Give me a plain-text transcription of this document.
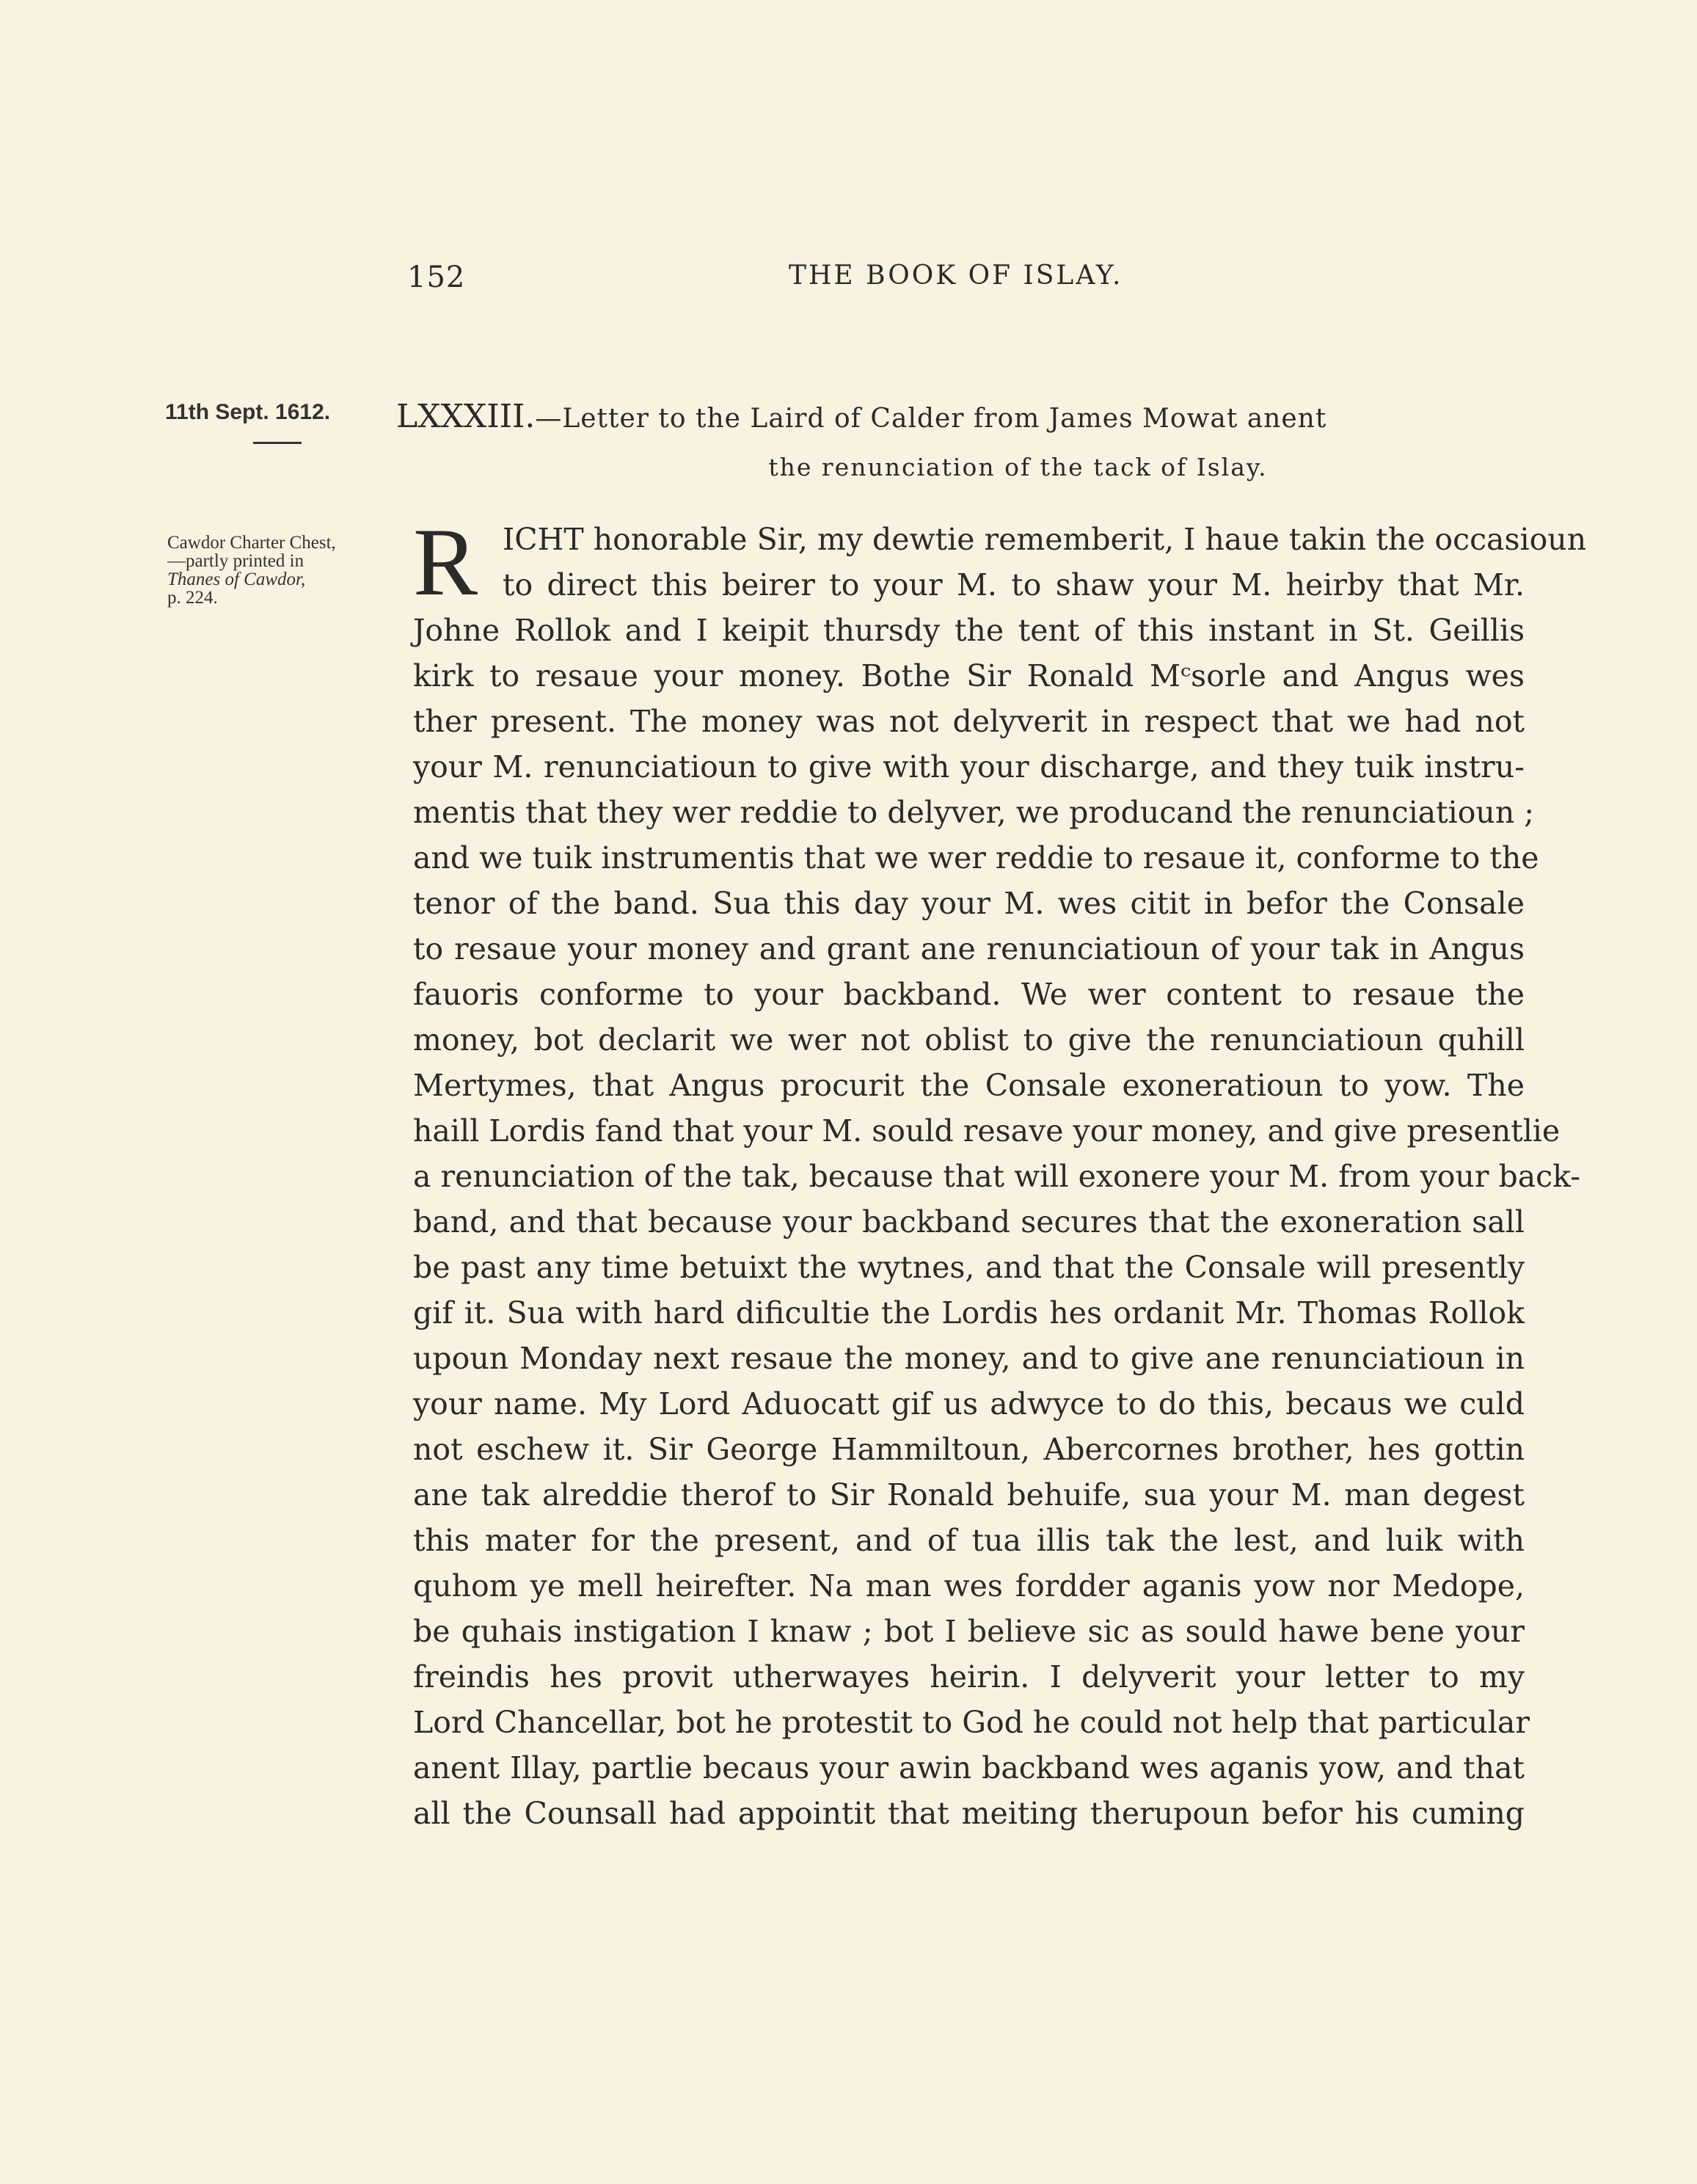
152	THE BOOK OF ISLAY.
11th Sept. 1612. LXXXIII.—Letter to the Laird of Calder from James Mowat anent
the renunciation of the tack of Islay.
Cawdor Charter Chest,
—partly printed in
Thanes of Cawdor,
p. 224.	R ICHT honorable Sir, my dewtie rememberit, I haue takin the occasioun
to direct this beirer to your M. to shaw your M. heirby that Mr.
Johne Rollok and I keipit thursdy the tent of this instant in St. Geillis
kirk to resaue your money. Bothe Sir Ronald Mᶜsorle and Angus wes
ther present. The money was not delyverit in respect that we had not
your M. renunciatioun to give with your discharge, and they tuik instru-
mentis that they wer reddie to delyver, we producand the renunciatioun ;
and we tuik instrumentis that we wer reddie to resaue it, conforme to the
tenor of the band. Sua this day your M. wes citit in befor the Consale
to resaue your money and grant ane renunciatioun of your tak in Angus
fauoris conforme to your backband. We wer content to resaue the
money, bot declarit we wer not oblist to give the renunciatioun quhill
Mertymes, that Angus procurit the Consale exoneratioun to yow. The
haill Lordis fand that your M. sould resave your money, and give presentlie
a renunciation of the tak, because that will exonere your M. from your back-
band, and that because your backband secures that the exoneration sall
be past any time betuixt the wytnes, and that the Consale will presently
gif it. Sua with hard dificultie the Lordis hes ordanit Mr. Thomas Rollok
upoun Monday next resaue the money, and to give ane renunciatioun in
your name. My Lord Aduocatt gif us adwyce to do this, becaus we culd
not eschew it. Sir George Hammiltoun, Abercornes brother, hes gottin
ane tak alreddie therof to Sir Ronald behuife, sua your M. man degest
this mater for the present, and of tua illis tak the lest, and luik with
quhom ye mell heirefter. Na man wes fordder aganis yow nor Medope,
be quhais instigation I knaw ; bot I believe sic as sould hawe bene your
freindis hes provit utherwayes heirin. I delyverit your letter to my
Lord Chancellar, bot he protestit to God he could not help that particular
anent Illay, partlie becaus your awin backband wes aganis yow, and that
all the Counsall had appointit that meiting therupoun befor his cuming
